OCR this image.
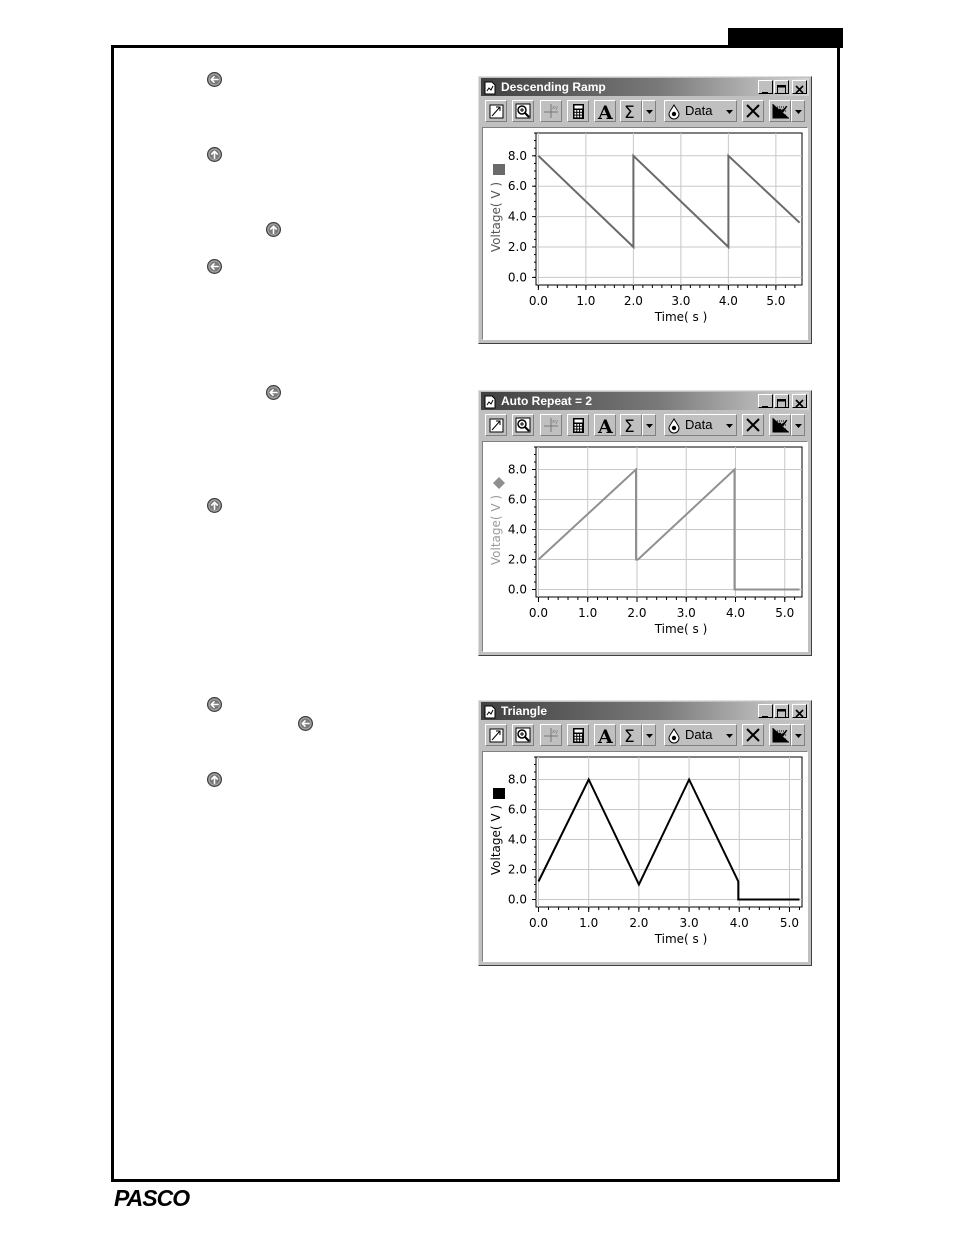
Descending Ramp
xy A Σ	Data
0.0 1.0 2.0 3.0 4.0 5.0
0.0
2.0
4.0
6.0
8.0
Time( s )
Voltage( V )
Auto Repeat = 2
xy A Σ	Data
0.0	1.0	2.0	3.0	4.0	5.0
0.0
2.0
4.0
6.0
8.0
Time( s )
Voltage( V )
Triangle
xy A Σ	Data
0.0	1.0	2.0	3.0	4.0	5.0
0.0
2.0
4.0
6.0
8.0
Time( s )
Voltage( V )
PASCO
